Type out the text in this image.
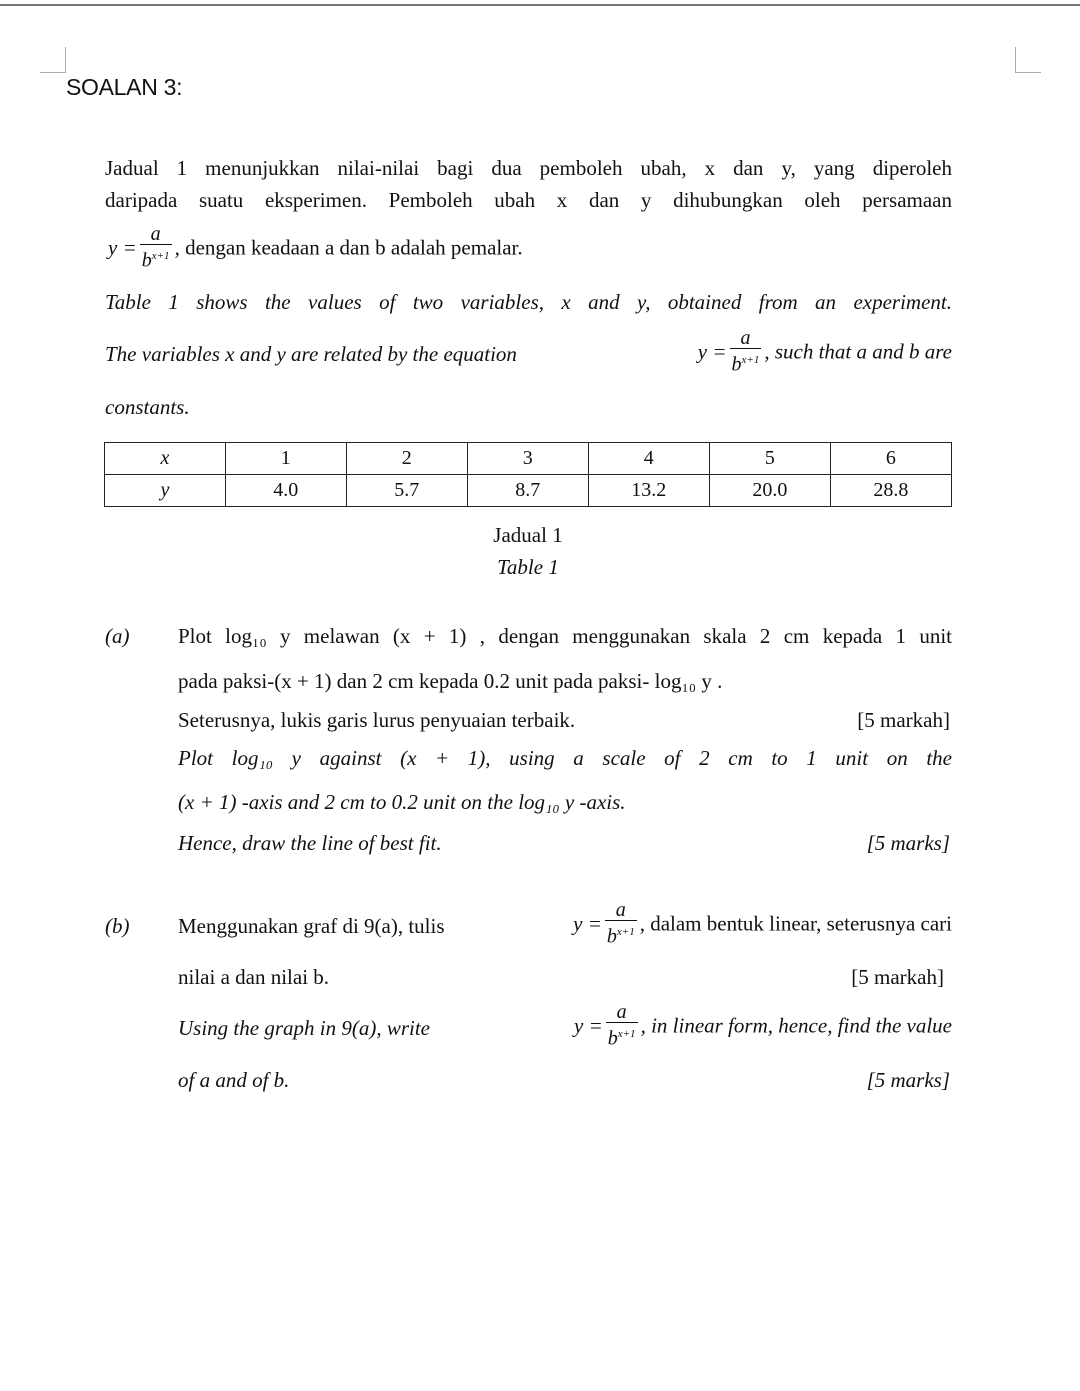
SOALAN 3:
Jadual 1 menunjukkan nilai-nilai bagi dua pemboleh ubah, x dan y, yang diperoleh
daripada suatu eksperimen. Pemboleh ubah x dan y dihubungkan oleh persamaan
$y = \frac{a}{b^{x+1}}$ , dengan keadaan a dan b adalah pemalar.
Table 1 shows the values of two variables, x and y, obtained from an experiment.
The variables x and y are related by the equation	$y = \frac{a}{b^{x+1}}$ , such that a and b are
constants.
x	1	2	3	4	5	6
y	4.0	5.7	8.7	13.2	20.0	28.8
Jadual 1
Table 1
(a) Plot log₁₀ y melawan (x + 1) , dengan menggunakan skala 2 cm kepada 1 unit
pada paksi-(x + 1) dan 2 cm kepada 0.2 unit pada paksi- log₁₀ y .
Seterusnya, lukis garis lurus penyuaian terbaik.	[5 markah]
Plot log₁₀ y against (x + 1), using a scale of 2 cm to 1 unit on the
(x + 1) -axis and 2 cm to 0.2 unit on the log₁₀ y -axis.
Hence, draw the line of best fit.	[5 marks]
(b) Menggunakan graf di 9(a), tulis	$y = \frac{a}{b^{x+1}}$ , dalam bentuk linear, seterusnya cari
nilai a dan nilai b.	[5 markah]
Using the graph in 9(a), write	$y = \frac{a}{b^{x+1}}$ , in linear form, hence, find the value
of a and of b.	[5 marks]
